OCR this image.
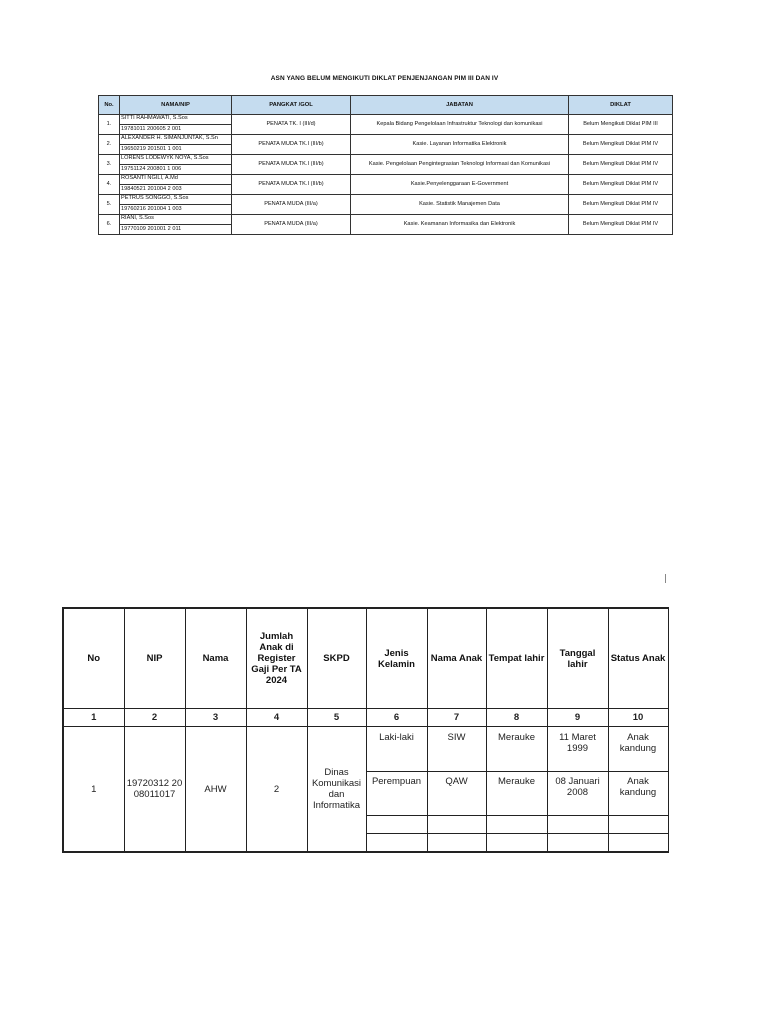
ASN YANG BELUM MENGIKUTI DIKLAT PENJENJANGAN PIM III DAN IV
No.	NAMA/NIP	PANGKAT /GOL	JABATAN	DIKLAT
1.	SITTI RAHMAWATI, S.Sos
19781011 200605 2 001	PENATA TK. I (III/d)	Kepala Bidang Pengelolaan Infrastruktur Teknologi dan komunikasi	Belum Mengikuti Diklat PIM III
2.	ALEXANDER H. SIMANJUNTAK, S.Sn
19650219 201501 1 001	PENATA MUDA TK.I (III/b)	Kasie. Layanan Informatika Elektronik	Belum Mengikuti Diklat PIM IV
3.	LORENS LODEWYK NOYA, S.Sos
19751124 200801 1 006	PENATA MUDA TK.I (III/b)	Kasie. Pengelolaan Pengintegrasian Teknologi Informasi dan Komunikasi	Belum Mengikuti Diklat PIM IV
4.	ROSANTI NGILI, A.Md
19840521 201004 2 003	PENATA MUDA TK.I (III/b)	Kasie.Penyelenggaraan E-Government	Belum Mengikuti Diklat PIM IV
5.	PETRUS SONGGO, S.Sos
19760216 201004 1 003	PENATA MUDA (III/a)	Kasie. Statistik Manajemen Data	Belum Mengikuti Diklat PIM IV
6.	RIANI, S.Sos
19770109 201001 2 011	PENATA MUDA (III/a)	Kasie. Keamanan Informasika dan Elektronik	Belum Mengikuti Diklat PIM IV
No	NIP	Nama	Jumlah Anak di Register Gaji Per TA 2024	SKPD	Jenis Kelamin	Nama Anak	Tempat lahir	Tanggal lahir	Status Anak
1	2	3	4	5	6	7	8	9	10
1	19720312 20 08011017	AHW	2	Dinas Komunikasi dan Informatika	Laki-laki	SIW	Merauke	11 Maret 1999	Anak kandung
					Perempuan	QAW	Merauke	08 Januari 2008	Anak kandung
